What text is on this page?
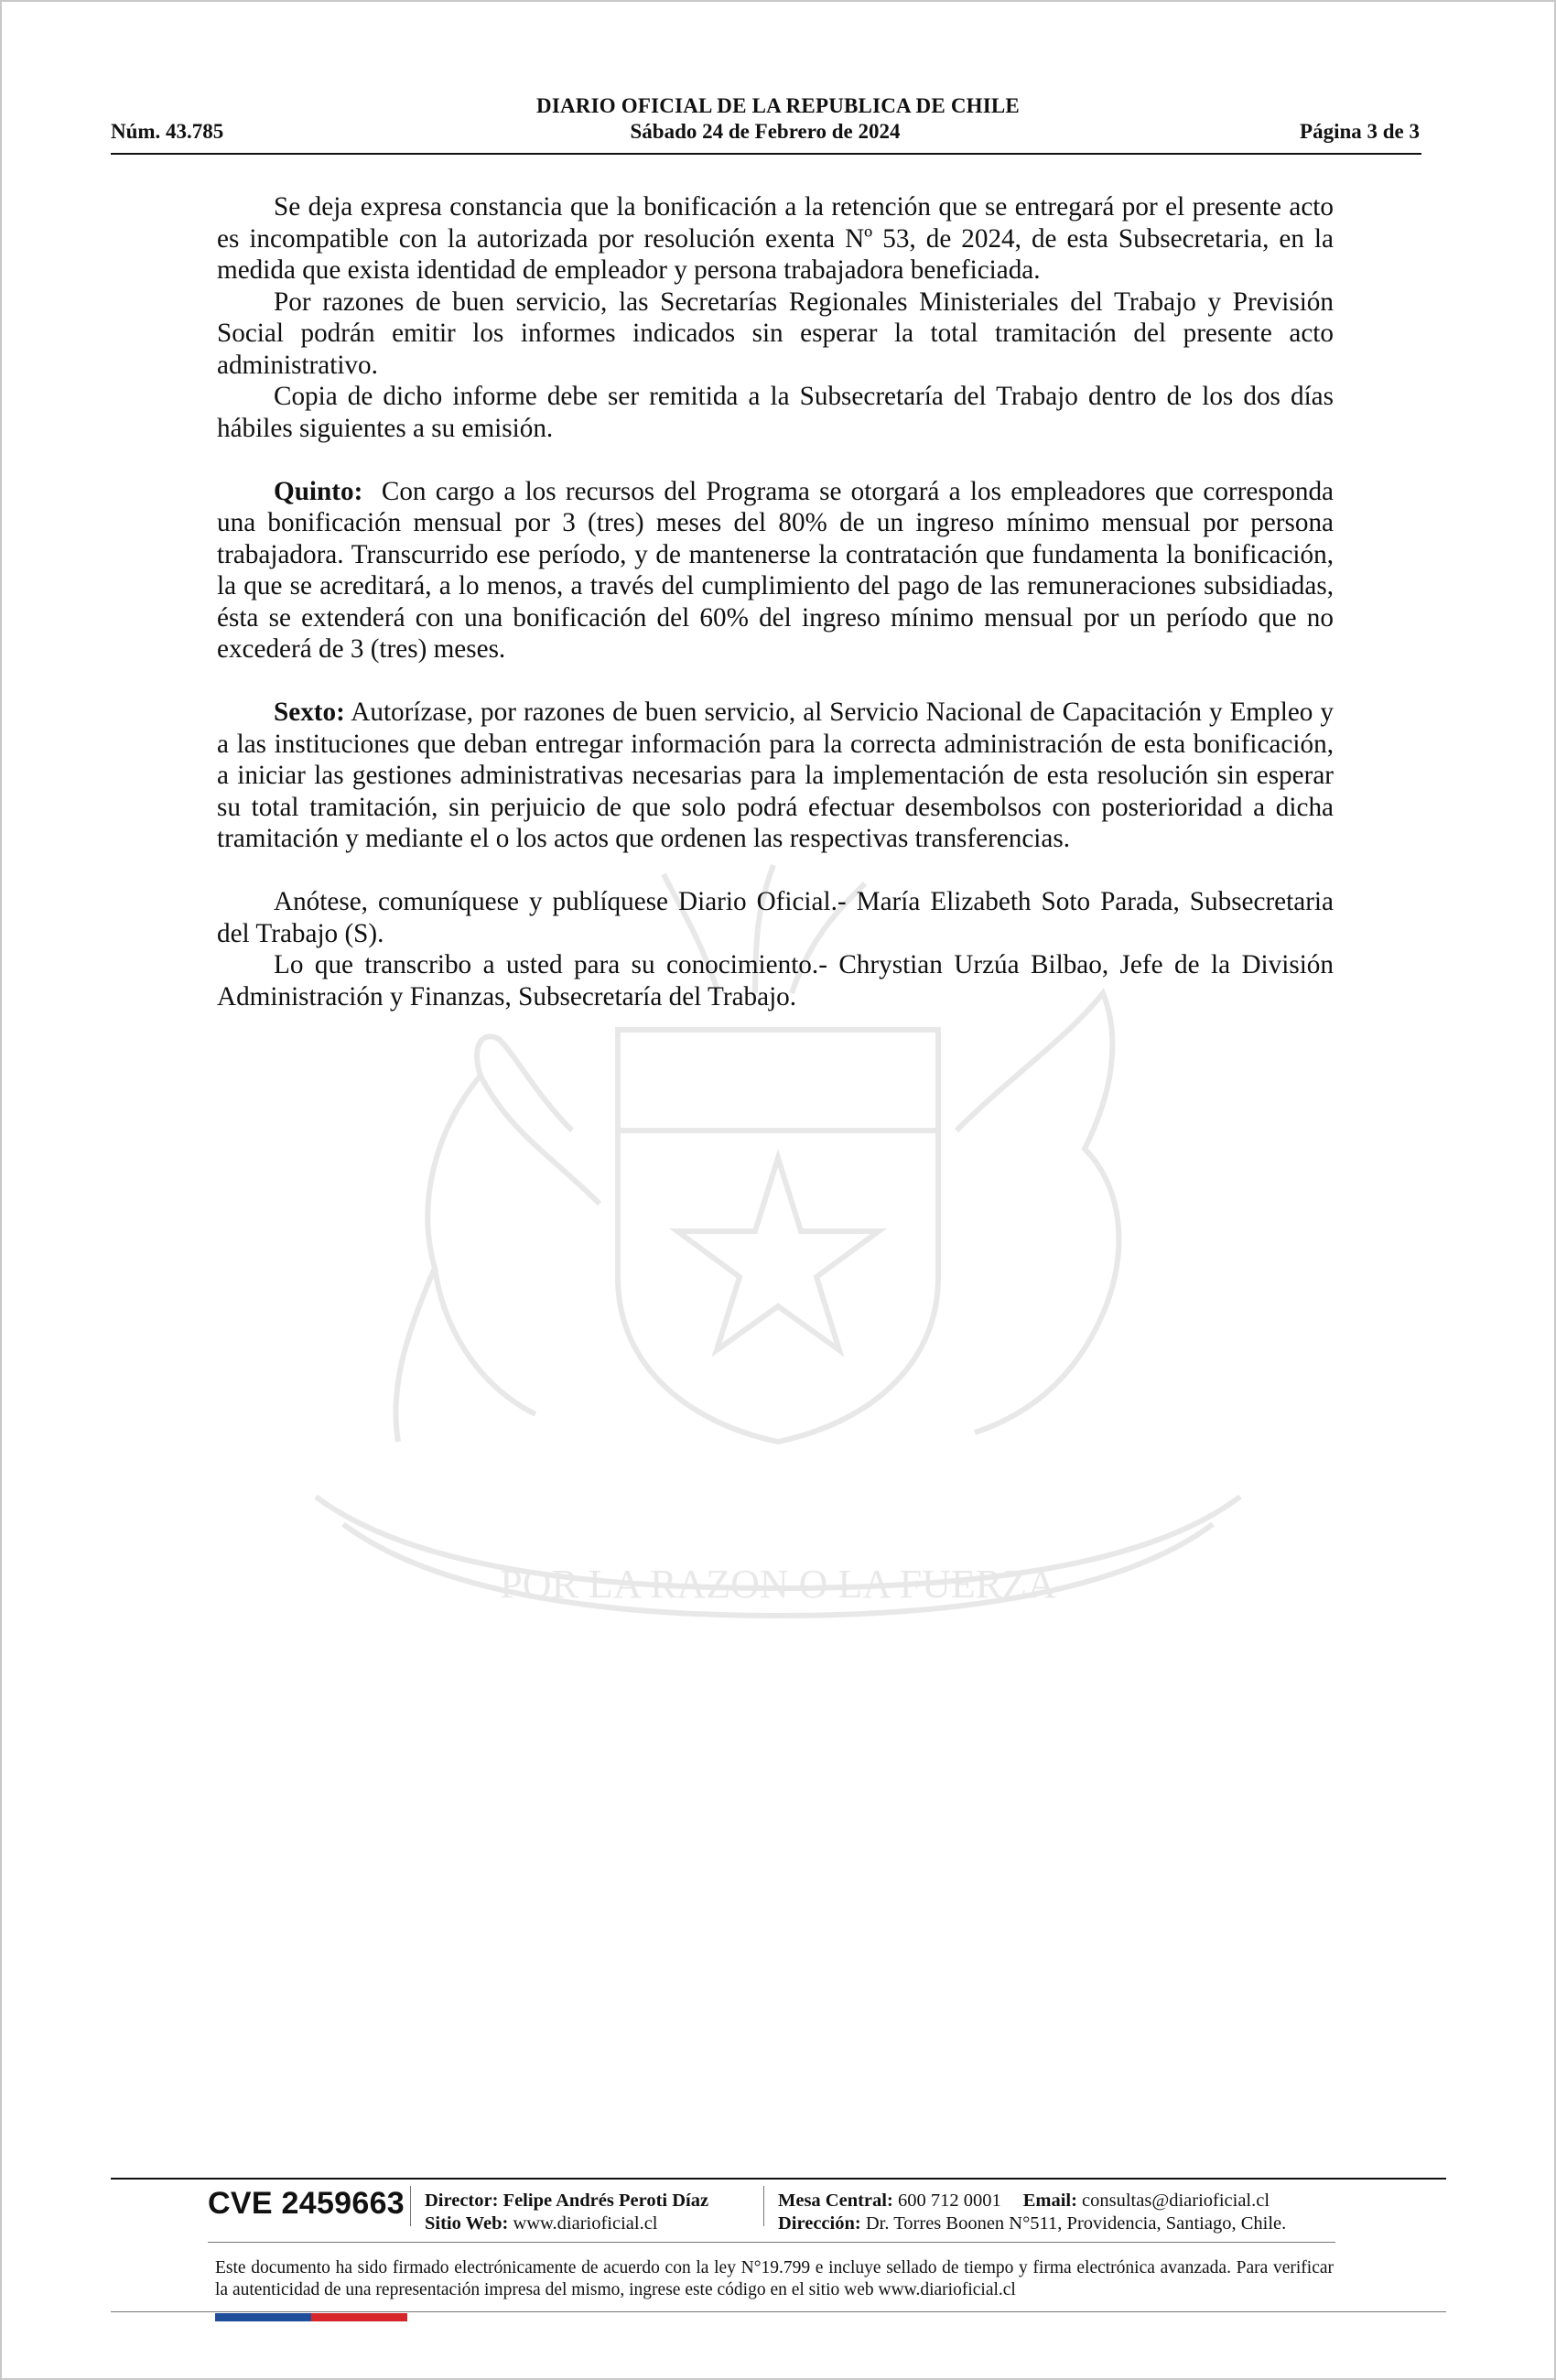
DIARIO OFICIAL DE LA REPUBLICA DE CHILE
Núm. 43.785	Sábado 24 de Febrero de 2024	Página 3 de 3
POR LA RAZON O LA FUERZA

Se deja expresa constancia que la bonificación a la retención que se entregará por el presente acto es incompatible con la autorizada por resolución exenta Nº 53, de 2024, de esta Subsecretaria, en la medida que exista identidad de empleador y persona trabajadora beneficiada.

Por razones de buen servicio, las Secretarías Regionales Ministeriales del Trabajo y Previsión Social podrán emitir los informes indicados sin esperar la total tramitación del presente acto administrativo.

Copia de dicho informe debe ser remitida a la Subsecretaría del Trabajo dentro de los dos días hábiles siguientes a su emisión.

Quinto: Con cargo a los recursos del Programa se otorgará a los empleadores que corresponda una bonificación mensual por 3 (tres) meses del 80% de un ingreso mínimo mensual por persona trabajadora. Transcurrido ese período, y de mantenerse la contratación que fundamenta la bonificación, la que se acreditará, a lo menos, a través del cumplimiento del pago de las remuneraciones subsidiadas, ésta se extenderá con una bonificación del 60% del ingreso mínimo mensual por un período que no excederá de 3 (tres) meses.

Sexto: Autorízase, por razones de buen servicio, al Servicio Nacional de Capacitación y Empleo y a las instituciones que deban entregar información para la correcta administración de esta bonificación, a iniciar las gestiones administrativas necesarias para la implementación de esta resolución sin esperar su total tramitación, sin perjuicio de que solo podrá efectuar desembolsos con posterioridad a dicha tramitación y mediante el o los actos que ordenen las respectivas transferencias.

Anótese, comuníquese y publíquese Diario Oficial.- María Elizabeth Soto Parada, Subsecretaria del Trabajo (S).

Lo que transcribo a usted para su conocimiento.- Chrystian Urzúa Bilbao, Jefe de la División Administración y Finanzas, Subsecretaría del Trabajo.

CVE 2459663 Director: Felipe Andrés Peroti Díaz
Sitio Web: www.diarioficial.cl
Mesa Central: 600 712 0001 Email: consultas@diarioficial.cl
Dirección: Dr. Torres Boonen N°511, Providencia, Santiago, Chile.
Este documento ha sido firmado electrónicamente de acuerdo con la ley N°19.799 e incluye sellado de tiempo y firma electrónica avanzada. Para verificar la autenticidad de una representación impresa del mismo, ingrese este código en el sitio web www.diarioficial.cl
